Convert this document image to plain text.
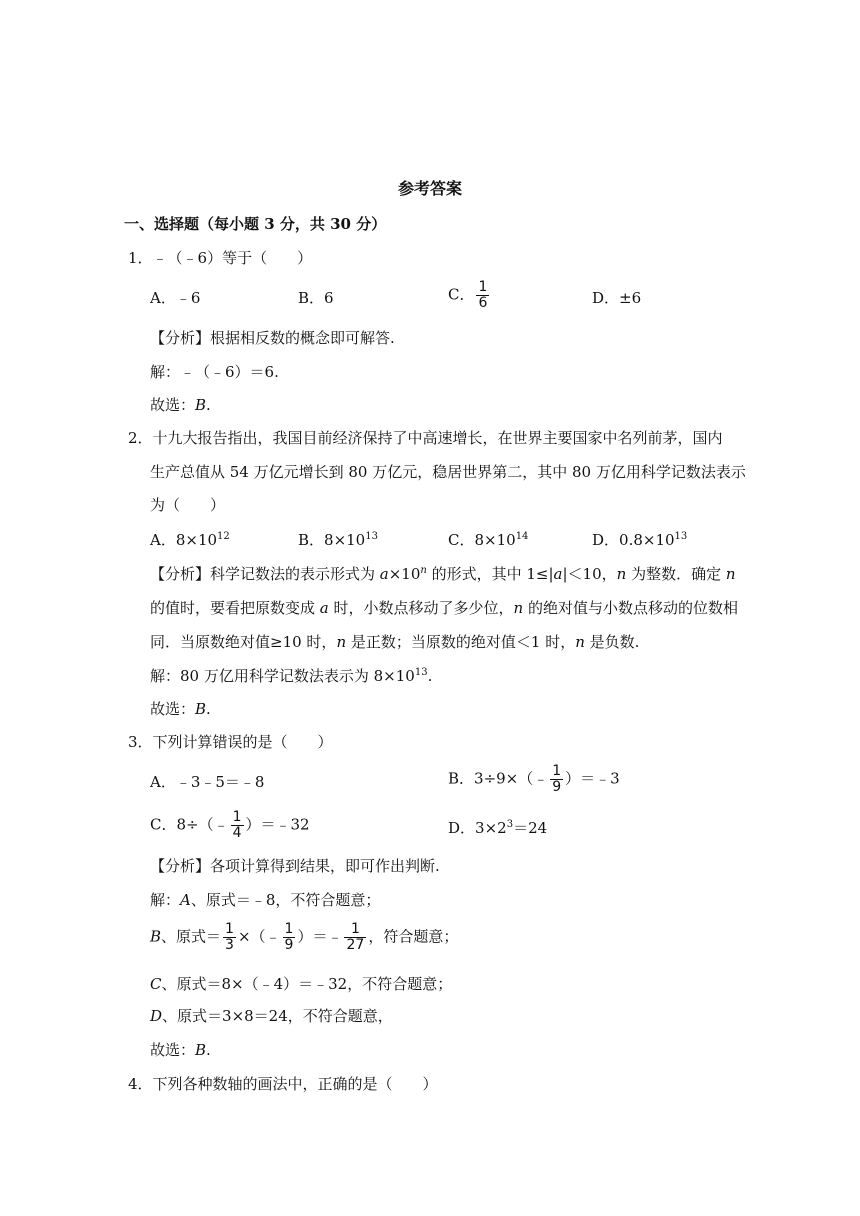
参考答案
一、选择题（每小题 3 分，共 30 分）
1．﹣（﹣6）等于（　　）
A．﹣6	B．6	C． $\frac{1}{6}$	D．±6
【分析】根据相反数的概念即可解答.
解：﹣（﹣6）＝6.
故选：B.
2．十九大报告指出，我国目前经济保持了中高速增长，在世界主要国家中名列前茅，国内
生产总值从 54 万亿元增长到 80 万亿元，稳居世界第二，其中 80 万亿用科学记数法表示
为（　　）
A．$8\times 10^{12}$	B．$8\times 10^{13}$	C．$8\times 10^{14}$	D．$0.8\times 10^{13}$
【分析】科学记数法的表示形式为 $a\times 10^n$ 的形式，其中 1≤|a|＜10，n 为整数．确定 n
的值时，要看把原数变成 a 时，小数点移动了多少位，n 的绝对值与小数点移动的位数相
同．当原数绝对值≥10 时，n 是正数；当原数的绝对值＜1 时，n 是负数.
解：80 万亿用科学记数法表示为 $8\times 10^{13}$.
故选：B.
3．下列计算错误的是（　　）
A．﹣3﹣5＝﹣8	B．3÷9×（﹣ $\frac{1}{9}$ ）＝﹣3
C．8÷（﹣ $\frac{1}{4}$ ）＝﹣32	D．$3\times 2^3=24$
【分析】各项计算得到结果，即可作出判断.
解：A、原式＝﹣8，不符合题意；
B、原式＝ $\frac{1}{3}$ ×（﹣ $\frac{1}{9}$ ）＝﹣ $\frac{1}{27}$ ，符合题意；
C、原式＝8×（﹣4）＝﹣32，不符合题意；
D、原式＝3×8＝24，不符合题意，
故选：B.
4．下列各种数轴的画法中，正确的是（　　）
